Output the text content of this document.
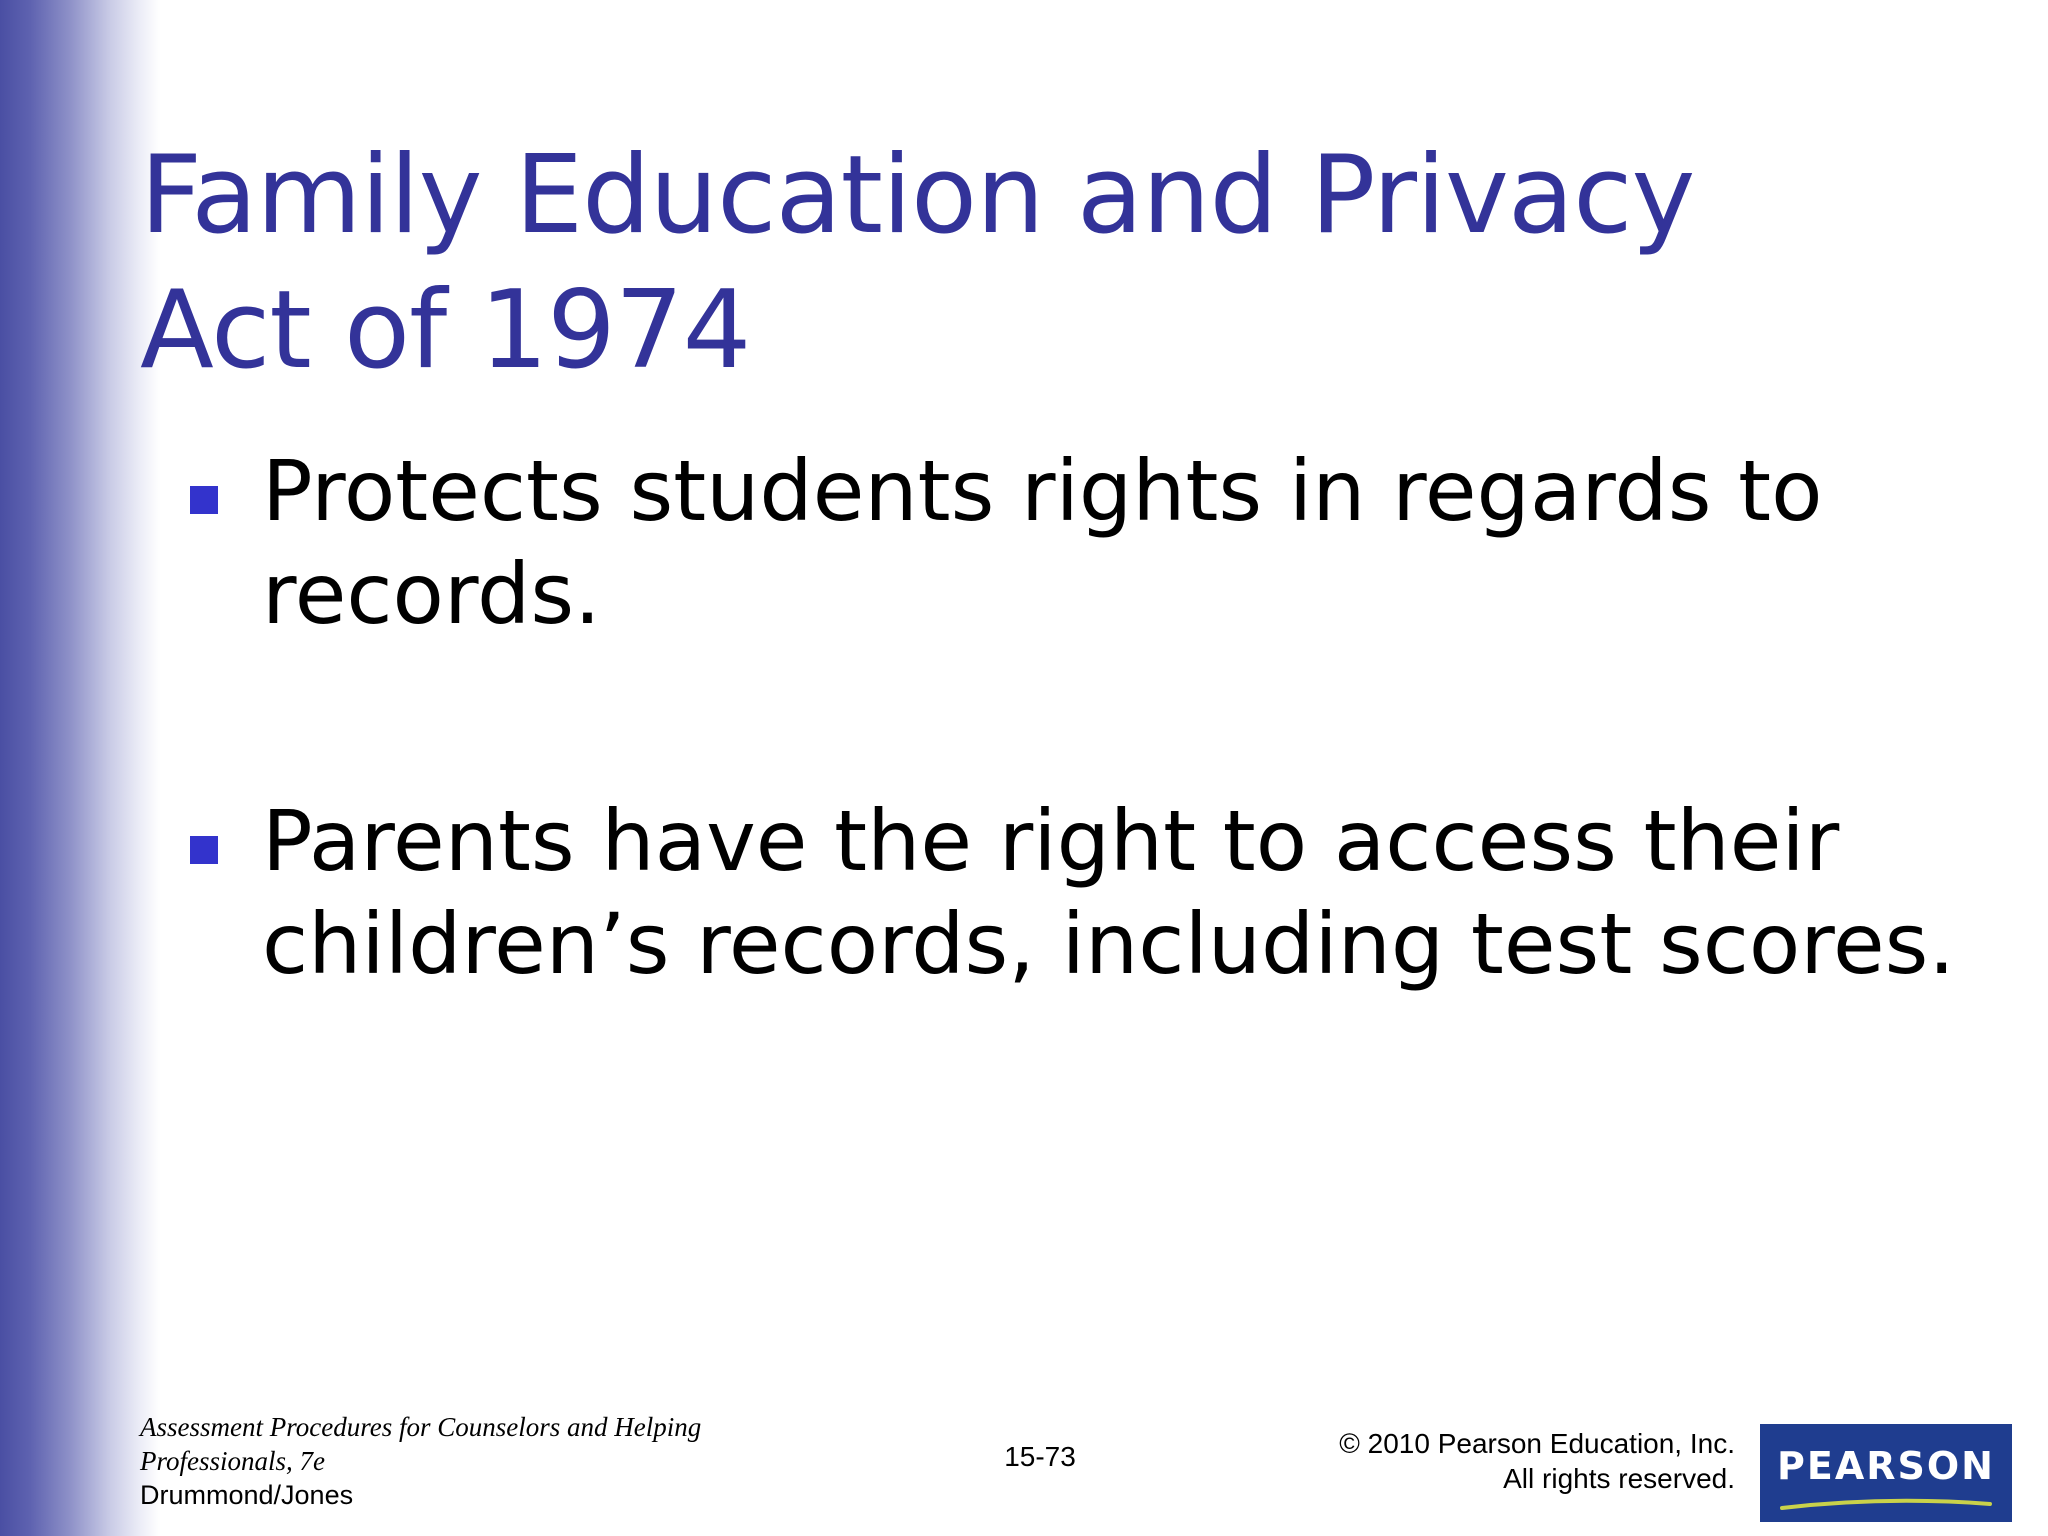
Family Education and Privacy
Act of 1974
Protects students rights in regards to
records.
Parents have the right to access their
children’s records, including test scores.
Assessment Procedures for Counselors and Helping
Professionals, 7e
Drummond/Jones
15-73	© 2010 Pearson Education, Inc.
All rights reserved.	PEARSON
